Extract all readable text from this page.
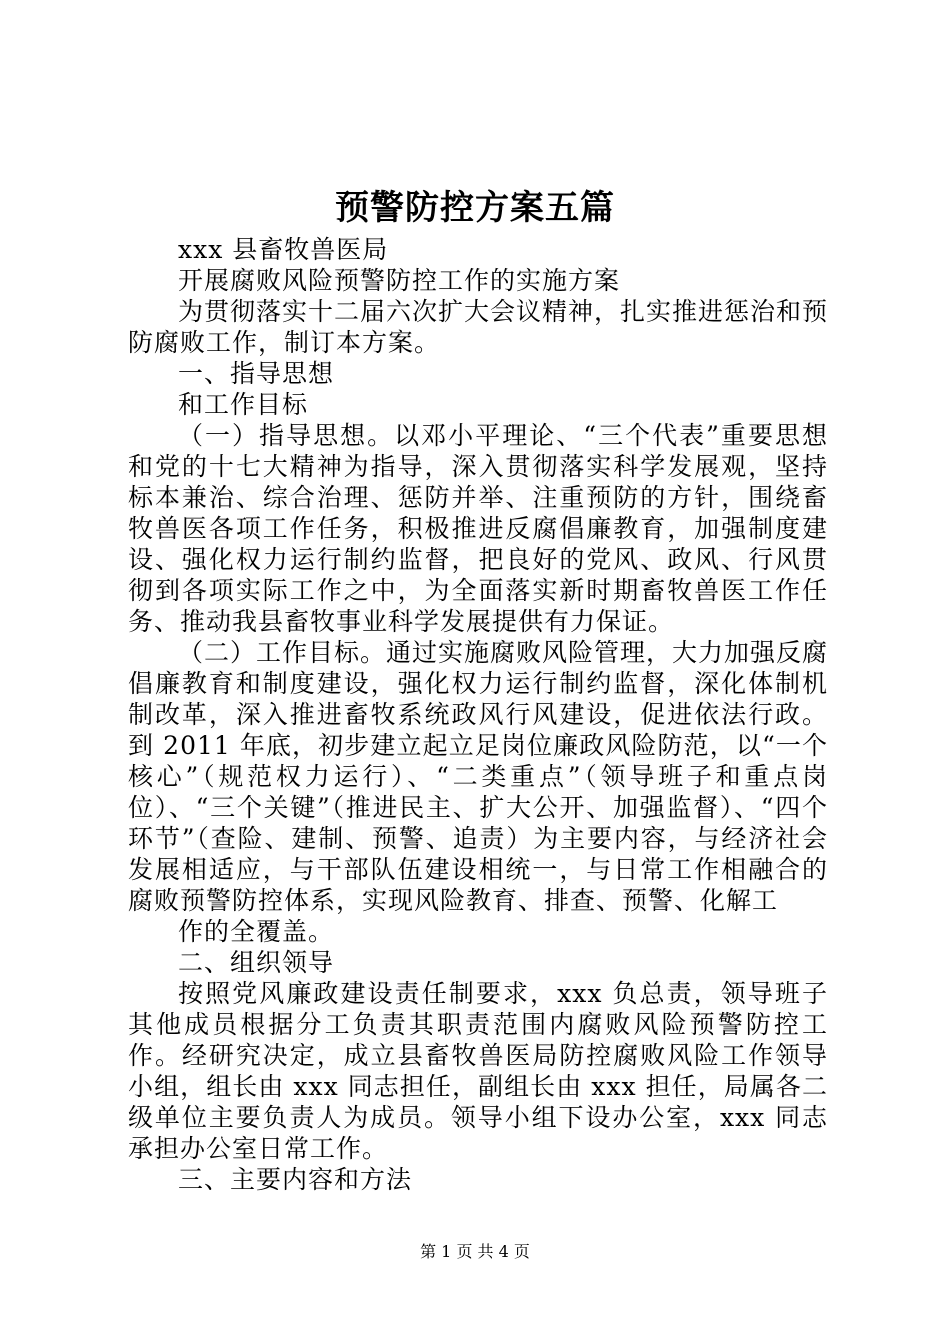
预警防控方案五篇

xxx 县畜牧兽医局

开展腐败风险预警防控工作的实施方案

为贯彻落实十二届六次扩大会议精神，扎实推进惩治和预防腐败工作，制订本方案。

一、指导思想

和工作目标

（一）指导思想。以邓小平理论、“三个代表”重要思想和党的十七大精神为指导，深入贯彻落实科学发展观，坚持标本兼治、综合治理、惩防并举、注重预防的方针，围绕畜牧兽医各项工作任务，积极推进反腐倡廉教育，加强制度建设、强化权力运行制约监督，把良好的党风、政风、行风贯彻到各项实际工作之中，为全面落实新时期畜牧兽医工作任务、推动我县畜牧事业科学发展提供有力保证。

（二）工作目标。通过实施腐败风险管理，大力加强反腐倡廉教育和制度建设，强化权力运行制约监督，深化体制机制改革，深入推进畜牧系统政风行风建设，促进依法行政。到 2011 年底，初步建立起立足岗位廉政风险防范，以“一个核心”（规范权力运行）、“二类重点”（领导班子和重点岗位）、“三个关键”（推进民主、扩大公开、加强监督）、“四个环节”（查险、建制、预警、追责）为主要内容，与经济社会发展相适应，与干部队伍建设相统一，与日常工作相融合的腐败预警防控体系，实现风险教育、排查、预警、化解工

作的全覆盖。

二、组织领导

按照党风廉政建设责任制要求，xxx 负总责，领导班子其他成员根据分工负责其职责范围内腐败风险预警防控工作。经研究决定，成立县畜牧兽医局防控腐败风险工作领导小组，组长由 xxx 同志担任，副组长由 xxx 担任，局属各二级单位主要负责人为成员。领导小组下设办公室，xxx 同志承担办公室日常工作。

三、主要内容和方法

第 1 页 共 4 页
